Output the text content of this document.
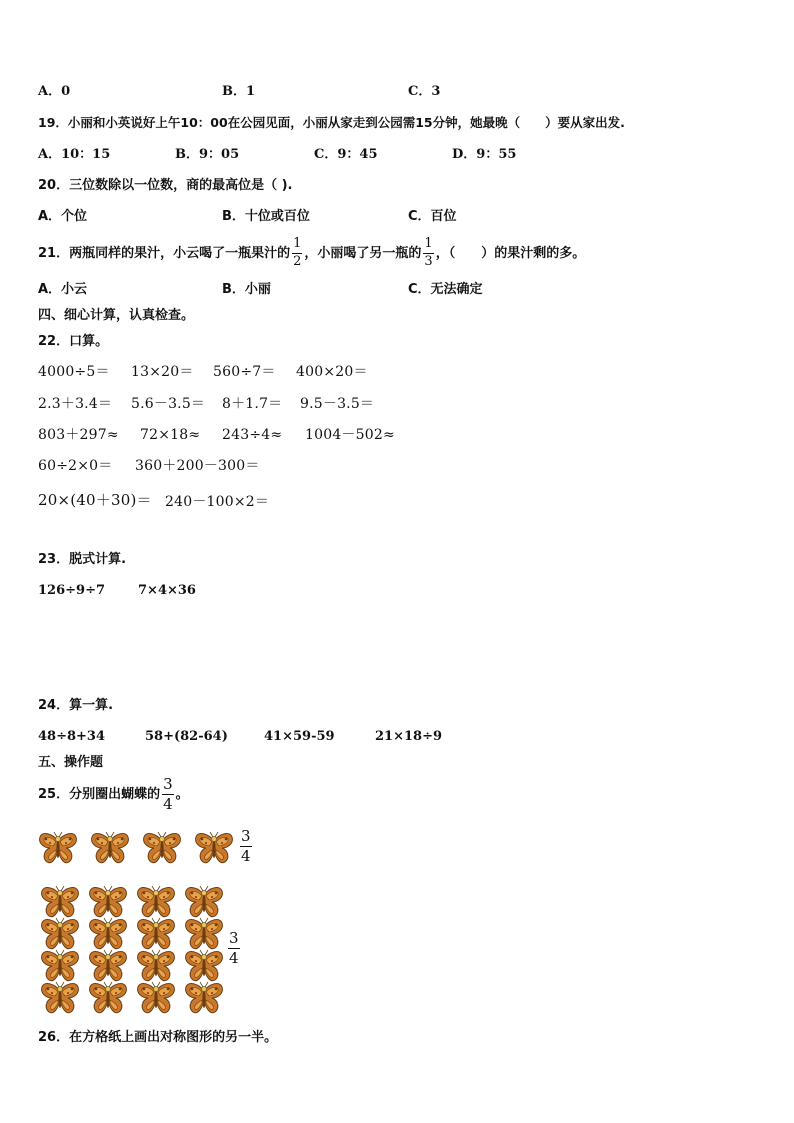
A．0	B．1	C．3
19．小丽和小英说好上午10：00在公园见面，小丽从家走到公园需15分钟，她最晚（　　）要从家出发.
A．10：15	B．9：05	C．9：45	D．9：55
20．三位数除以一位数，商的最高位是（ ).
A．个位	B．十位或百位	C．百位
21． 两瓶同样的果汁，小云喝了一瓶果汁的 $\frac{1}{2}$ ，小丽喝了另一瓶的 $\frac{1}{3}$ ，（　　）的果汁剩的多。
A．小云	B．小丽	C．无法确定
四、细心计算，认真检查。
22．口算。
4000÷5＝ 13×20＝ 560÷7＝ 400×20＝
2.3＋3.4＝ 5.6－3.5＝ 8＋1.7＝ 9.5－3.5＝
803＋297≈ 72×18≈ 243÷4≈ 1004－502≈
60÷2×0＝ 360＋200－300＝
20×(40＋30)＝ 240－100×2＝
23．脱式计算.
126÷9÷7	7×4×36
24．算一算.
48÷8+34	58+(82-64)	41×59-59	21×18÷9
五、操作题
25．分别圈出蝴蝶的 $\frac{3}{4}$ 。
$\frac{3}{4}$
$\frac{3}{4}$
26．在方格纸上画出对称图形的另一半。
